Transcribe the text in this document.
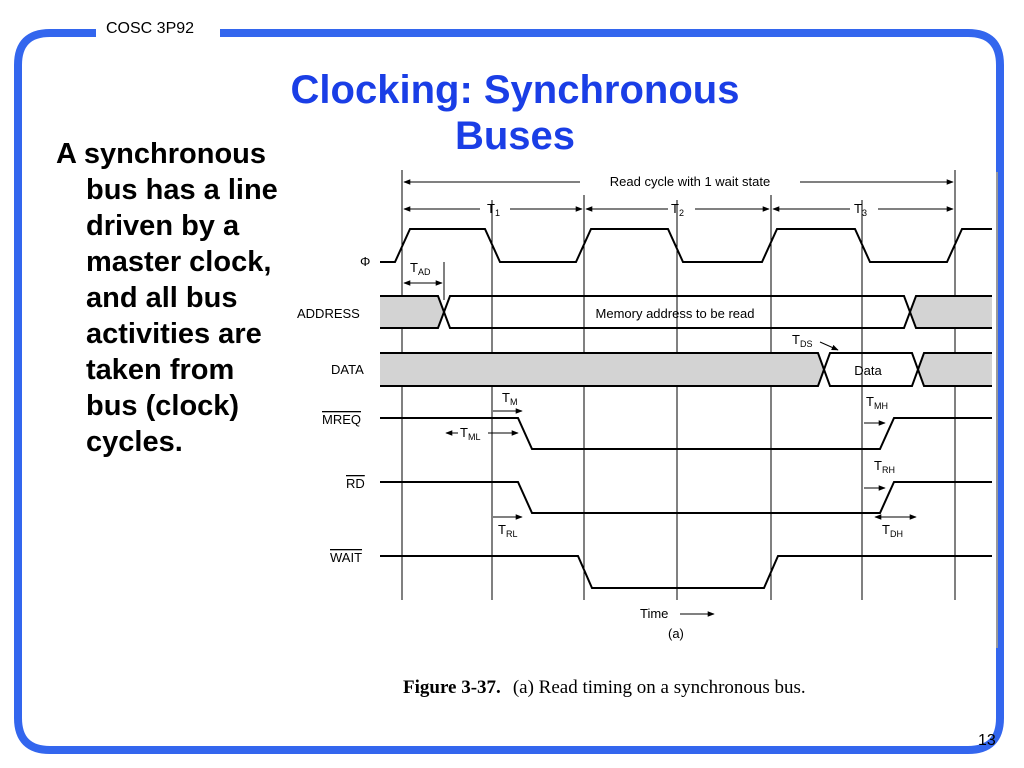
COSC 3P92
Clocking: Synchronous
Buses
A synchronous
bus has a line
driven by a
master clock,
and all bus
activities are
taken from
bus (clock)
cycles.
Read cycle with 1 wait state
$T_1$	$T_2$	$T_3$
Φ	$T_{AD}$
ADDRESS	Memory address to be read
$T_{DS}$
DATA	Data
MREQ
$T_M$
$T_{ML}$
$T_{MH}$
RD
$T_{RH}$
$T_{RL}$	$T_{DH}$
WAIT
Time
(a)
Figure 3-37. (a) Read timing on a synchronous bus.
13
